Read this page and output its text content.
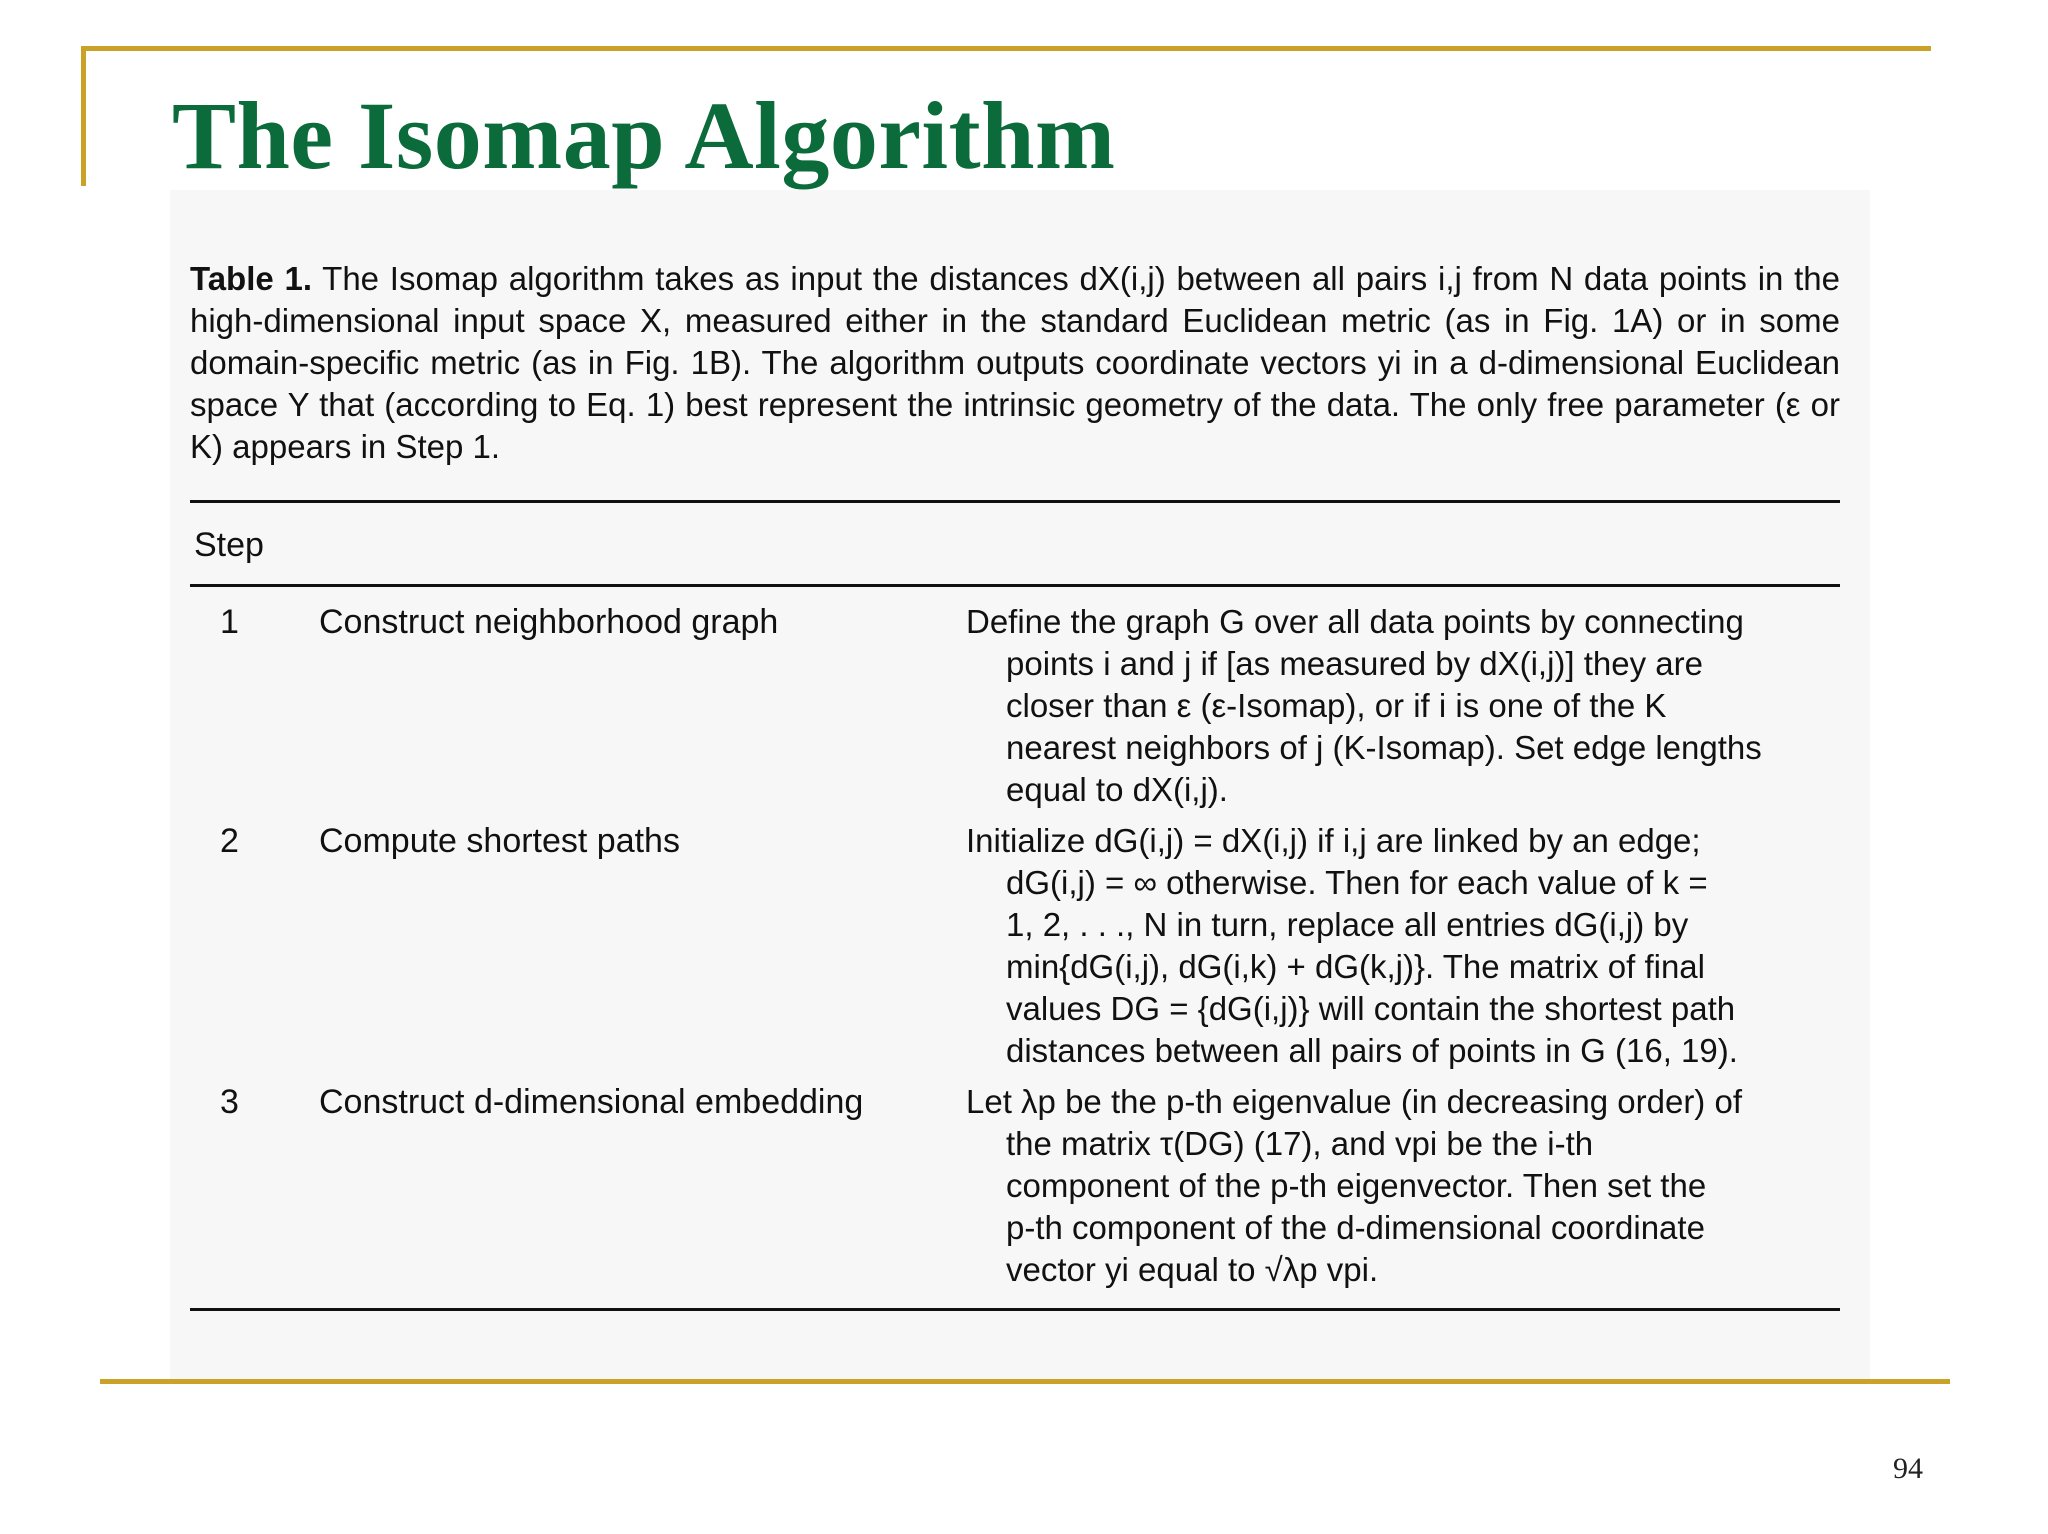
The Isomap Algorithm
Table 1. The Isomap algorithm takes as input the distances dX(i,j) between all pairs i,j from N data points in the high-dimensional input space X, measured either in the standard Euclidean metric (as in Fig. 1A) or in some domain-specific metric (as in Fig. 1B). The algorithm outputs coordinate vectors yi in a d-dimensional Euclidean space Y that (according to Eq. 1) best represent the intrinsic geometry of the data. The only free parameter (ε or K) appears in Step 1.
Step
1 Construct neighborhood graph	Define the graph G over all data points by connecting
points i and j if [as measured by dX(i,j)] they are
closer than ε (ε-Isomap), or if i is one of the K
nearest neighbors of j (K-Isomap). Set edge lengths
equal to dX(i,j).
2 Compute shortest paths	Initialize dG(i,j) = dX(i,j) if i,j are linked by an edge;
dG(i,j) = ∞ otherwise. Then for each value of k =
1, 2, . . ., N in turn, replace all entries dG(i,j) by
min{dG(i,j), dG(i,k) + dG(k,j)}. The matrix of final
values DG = {dG(i,j)} will contain the shortest path
distances between all pairs of points in G (16, 19).
3 Construct d-dimensional embedding	Let λp be the p-th eigenvalue (in decreasing order) of
the matrix τ(DG) (17), and vpi be the i-th
component of the p-th eigenvector. Then set the
p-th component of the d-dimensional coordinate
vector yi equal to √λp vpi.
94
